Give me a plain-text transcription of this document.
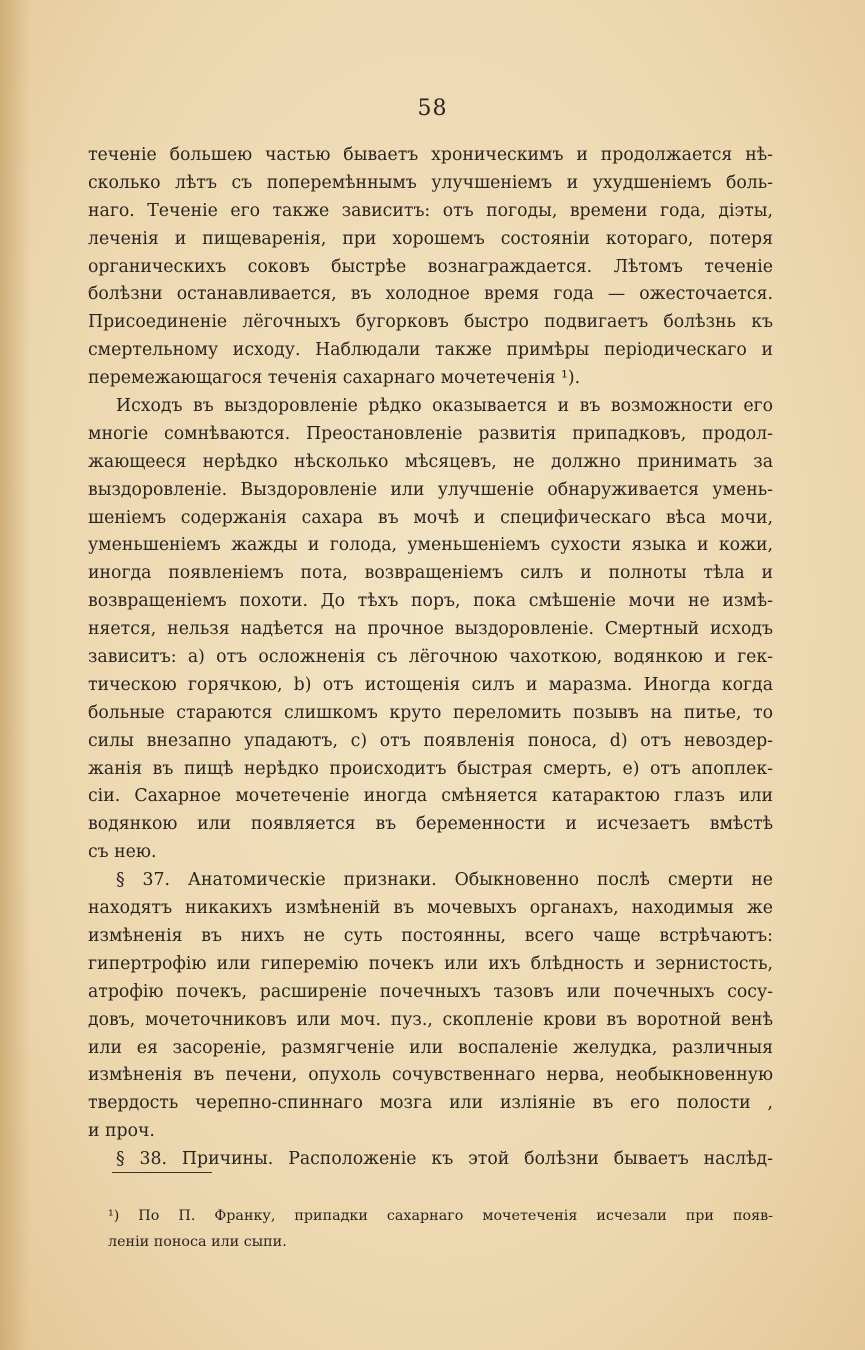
58
теченіе большею частью бываетъ хроническимъ и продолжается нѣ-
сколько лѣтъ съ поперемѣннымъ улучшеніемъ и ухудшеніемъ боль-
наго. Теченіе его также зависитъ: отъ погоды, времени года, діэты,
леченія и пищеваренія, при хорошемъ состояніи котораго, потеря
органическихъ соковъ быстрѣе вознаграждается. Лѣтомъ теченіе
болѣзни останавливается, въ холодное время года — ожесточается.
Присоединеніе лёгочныхъ бугорковъ быстро подвигаетъ болѣзнь къ
смертельному исходу. Наблюдали также примѣры періодическаго и
перемежающагося теченія сахарнаго мочетеченія ¹).
Исходъ въ выздоровленіе рѣдко оказывается и въ возможности его
многіе сомнѣваются. Преостановленіе развитія припадковъ, продол-
жающееся нерѣдко нѣсколько мѣсяцевъ, не должно принимать за
выздоровленіе. Выздоровленіе или улучшеніе обнаруживается умень-
шеніемъ содержанія сахара въ мочѣ и специфическаго вѣса мочи,
уменьшеніемъ жажды и голода, уменьшеніемъ сухости языка и кожи,
иногда появленіемъ пота, возвращеніемъ силъ и полноты тѣла и
возвращеніемъ похоти. До тѣхъ поръ, пока смѣшеніе мочи не измѣ-
няется, нельзя надѣется на прочное выздоровленіе. Смертный исходъ
зависитъ: a) отъ осложненія съ лёгочною чахоткою, водянкою и гек-
тическою горячкою, b) отъ истощенія силъ и маразма. Иногда когда
больные стараются слишкомъ круто переломить позывъ на питье, то
силы внезапно упадаютъ, c) отъ появленія поноса, d) отъ невоздер-
жанія въ пищѣ нерѣдко происходитъ быстрая смерть, e) отъ апоплек-
сіи. Сахарное мочетеченіе иногда смѣняется катарактою глазъ или
водянкою или появляется въ беременности и исчезаетъ вмѣстѣ
съ нею.
§ 37. Анатомическіе признаки. Обыкновенно послѣ смерти не
находятъ никакихъ измѣненій въ мочевыхъ органахъ, находимыя же
измѣненія въ нихъ не суть постоянны, всего чаще встрѣчаютъ:
гипертрофію или гиперемію почекъ или ихъ блѣдность и зернистость,
атрофію почекъ, расширеніе почечныхъ тазовъ или почечныхъ сосу-
довъ, мочеточниковъ или моч. пуз., скопленіе крови въ воротной венѣ
или ея засореніе, размягченіе или воспаленіе желудка, различныя
измѣненія въ печени, опухоль сочувственнаго нерва, необыкновенную
твердость черепно-спиннаго мозга или изліяніе въ его полости ,
и проч.
§ 38. Причины. Расположеніе къ этой болѣзни бываетъ наслѣд-
¹) По П. Франку, припадки сахарнаго мочетеченія исчезали при появ-
леніи поноса или сыпи.
